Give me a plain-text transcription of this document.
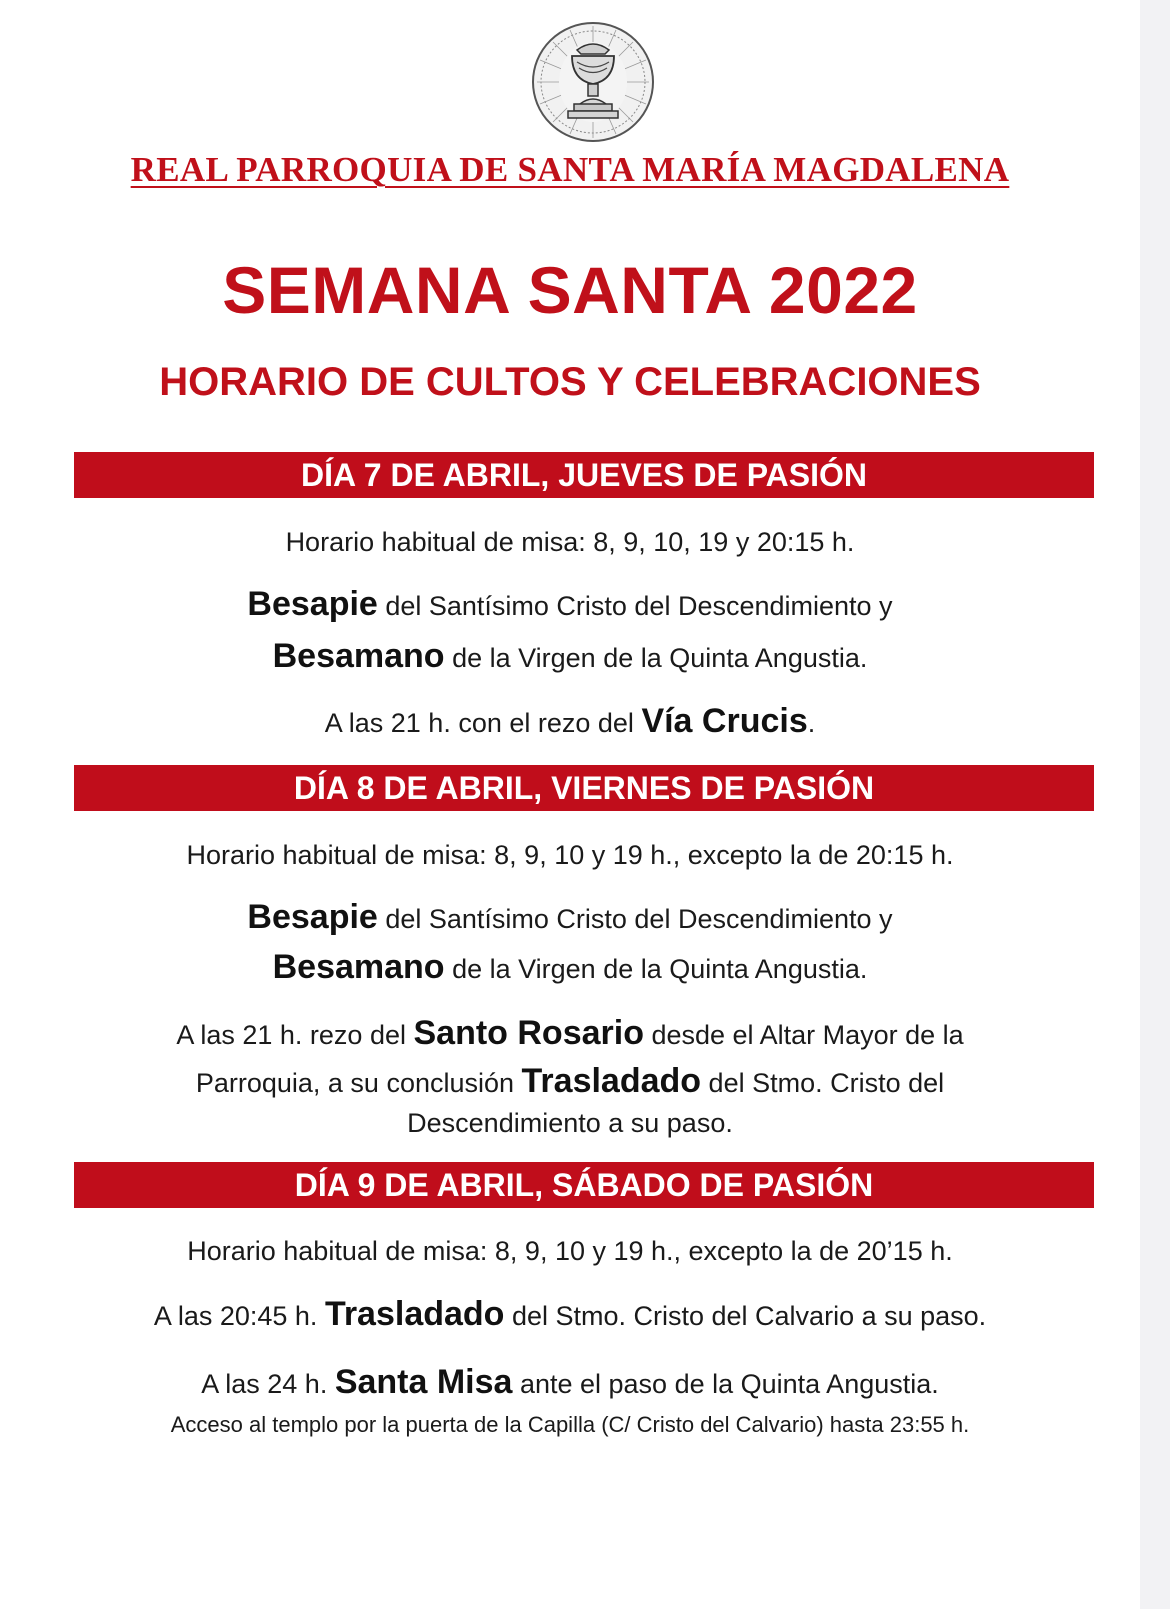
REAL PARROQUIA DE SANTA MARÍA MAGDALENA
SEMANA SANTA 2022
HORARIO DE CULTOS Y CELEBRACIONES
DÍA 7 DE ABRIL, JUEVES DE PASIÓN
Horario habitual de misa: 8, 9, 10, 19 y 20:15 h.
Besapie del Santísimo Cristo del Descendimiento y
Besamano de la Virgen de la Quinta Angustia.
A las 21 h. con el rezo del Vía Crucis.
DÍA 8 DE ABRIL, VIERNES DE PASIÓN
Horario habitual de misa: 8, 9, 10 y 19 h., excepto la de 20:15 h.
Besapie del Santísimo Cristo del Descendimiento y
Besamano de la Virgen de la Quinta Angustia.
A las 21 h. rezo del Santo Rosario desde el Altar Mayor de la
Parroquia, a su conclusión Trasladado del Stmo. Cristo del
Descendimiento a su paso.
DÍA 9 DE ABRIL, SÁBADO DE PASIÓN
Horario habitual de misa: 8, 9, 10 y 19 h., excepto la de 20’15 h.
A las 20:45 h. Trasladado del Stmo. Cristo del Calvario a su paso.
A las 24 h. Santa Misa ante el paso de la Quinta Angustia.
Acceso al templo por la puerta de la Capilla (C/ Cristo del Calvario) hasta 23:55 h.
